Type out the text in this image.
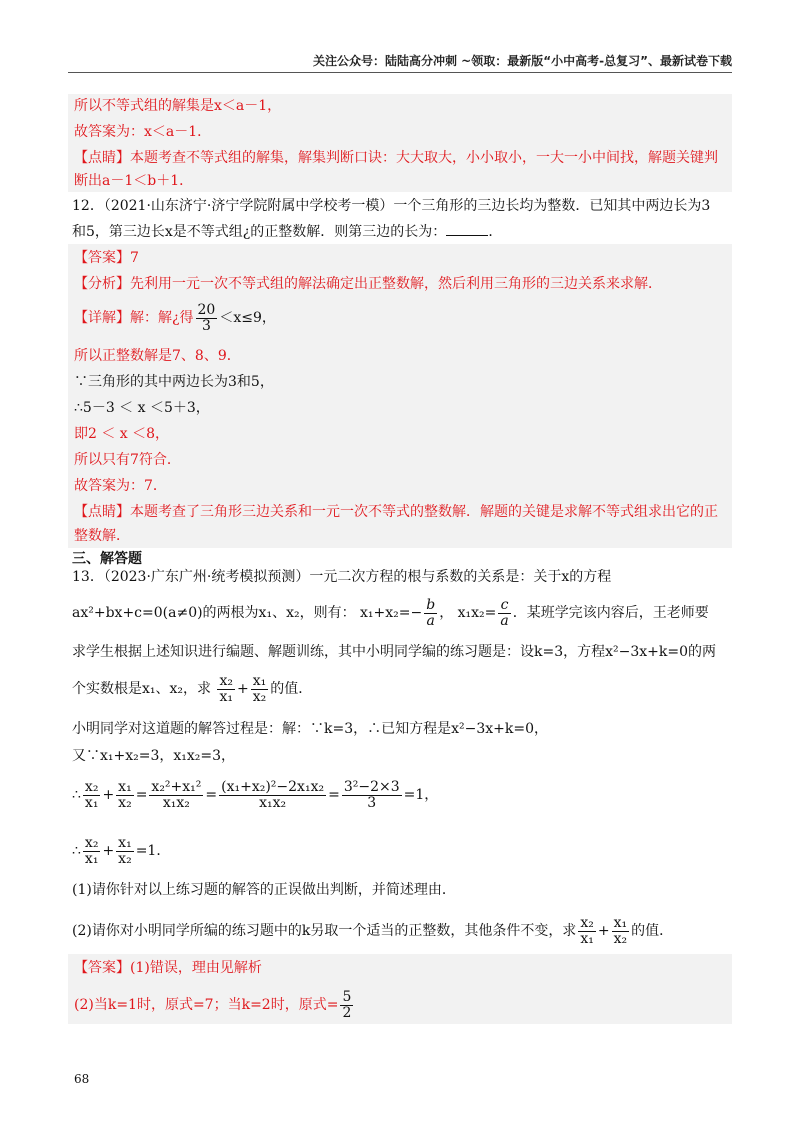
关注公众号：陆陆高分冲刺 ~领取：最新版“小中高考-总复习”、最新试卷下载
所以不等式组的解集是x＜a－1，
故答案为：x＜a－1．
【点睛】本题考查不等式组的解集，解集判断口诀：大大取大，小小取小，一大一小中间找，解题关键判
断出a－1＜b＋1．
12．（2021·山东济宁·济宁学院附属中学校考一模）一个三角形的三边长均为整数．已知其中两边长为3
和5，第三边长x是不等式组¿的正整数解．则第三边的长为：	．
【答案】7
【分析】先利用一元一次不等式组的解法确定出正整数解，然后利用三角形的三边关系来求解．
【详解】解：解¿得 $\frac{20}{3} <x\le 9$，
所以正整数解是7、8、9．
∵三角形的其中两边长为3和5，
∴5－3 ＜ x ＜5＋3，
即2 ＜ x ＜8，
所以只有7符合．
故答案为：7．
【点睛】本题考查了三角形三边关系和一元一次不等式的整数解．解题的关键是求解不等式组求出它的正
整数解．
三、解答题
13．（2023·广东广州·统考模拟预测）一元二次方程的根与系数的关系是：关于x的方程
ax²+bx+c=0(a≠0)的两根为x₁、x₂，则有： $x_1+x_2=- \frac{b}{a}$ ， $x_1x_2= \frac{c}{a}$ ．某班学完该内容后，王老师要
求学生根据上述知识进行编题、解题训练，其中小明同学编的练习题是：设k=3，方程x²−3x+k=0的两
个实数根是x₁、x₂，求 $\frac{\text{x₂}}{\text{x₁}} + \frac{\text{x₁}}{\text{x₂}}$ 的值．
小明同学对这道题的解答过程是：解：∵k=3，∴已知方程是x²−3x+k=0，
又∵x₁+x₂=3，x₁x₂=3，
∴ $\frac{\text{x₂}}{\text{x₁}} + \frac{\text{x₁}}{\text{x₂}} = \frac{\text{x₂²+x₁²}}{\text{x₁x₂}} = \frac{\text{(x₁+x₂)²−2x₁x₂}}{\text{x₁x₂}} = \frac{\text{3²−2×3}}{3} =1$，
∴ $\frac{\text{x₂}}{\text{x₁}} + \frac{\text{x₁}}{\text{x₂}} =1$．
(1)请你针对以上练习题的解答的正误做出判断，并简述理由．
(2)请你对小明同学所编的练习题中的k另取一个适当的正整数，其他条件不变，求 $\frac{\text{x₂}}{\text{x₁}} + \frac{\text{x₁}}{\text{x₂}}$ 的值．
【答案】(1)错误，理由见解析
(2)当k=1时，原式=7；当k=2时，原式= $\frac{5}{2}$
68
